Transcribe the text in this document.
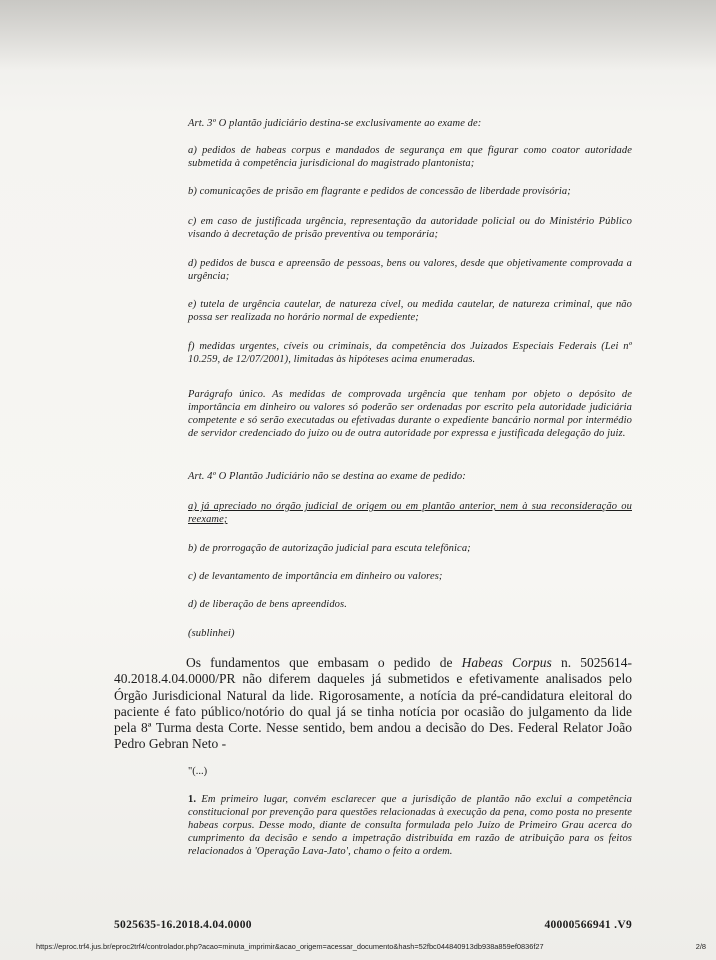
Art. 3º O plantão judiciário destina-se exclusivamente ao exame de:
a) pedidos de habeas corpus e mandados de segurança em que figurar como coator autoridade submetida à competência jurisdicional do magistrado plantonista;
b) comunicações de prisão em flagrante e pedidos de concessão de liberdade provisória;
c) em caso de justificada urgência, representação da autoridade policial ou do Ministério Público visando à decretação de prisão preventiva ou temporária;
d) pedidos de busca e apreensão de pessoas, bens ou valores, desde que objetivamente comprovada a urgência;
e) tutela de urgência cautelar, de natureza cível, ou medida cautelar, de natureza criminal, que não possa ser realizada no horário normal de expediente;
f) medidas urgentes, cíveis ou criminais, da competência dos Juizados Especiais Federais (Lei nº 10.259, de 12/07/2001), limitadas às hipóteses acima enumeradas.
Parágrafo único. As medidas de comprovada urgência que tenham por objeto o depósito de importância em dinheiro ou valores só poderão ser ordenadas por escrito pela autoridade judiciária competente e só serão executadas ou efetivadas durante o expediente bancário normal por intermédio de servidor credenciado do juízo ou de outra autoridade por expressa e justificada delegação do juiz.
Art. 4º O Plantão Judiciário não se destina ao exame de pedido:
a) já apreciado no órgão judicial de origem ou em plantão anterior, nem à sua reconsideração ou reexame;
b) de prorrogação de autorização judicial para escuta telefônica;
c) de levantamento de importância em dinheiro ou valores;
d) de liberação de bens apreendidos.
(sublinhei)
Os fundamentos que embasam o pedido de Habeas Corpus n. 5025614-40.2018.4.04.0000/PR não diferem daqueles já submetidos e efetivamente analisados pelo Órgão Jurisdicional Natural da lide. Rigorosamente, a notícia da pré-candidatura eleitoral do paciente é fato público/notório do qual já se tinha notícia por ocasião do julgamento da lide pela 8ª Turma desta Corte. Nesse sentido, bem andou a decisão do Des. Federal Relator João Pedro Gebran Neto -
"(...)
1. Em primeiro lugar, convém esclarecer que a jurisdição de plantão não exclui a competência constitucional por prevenção para questões relacionadas à execução da pena, como posta no presente habeas corpus. Desse modo, diante de consulta formulada pelo Juízo de Primeiro Grau acerca do cumprimento da decisão e sendo a impetração distribuída em razão de atribuição para os feitos relacionados à 'Operação Lava-Jato', chamo o feito a ordem.
5025635-16.2018.4.04.0000	40000566941 .V9
https://eproc.trf4.jus.br/eproc2trf4/controlador.php?acao=minuta_imprimir&acao_origem=acessar_documento&hash=52fbc044840913db938a859ef0836f27	2/8
